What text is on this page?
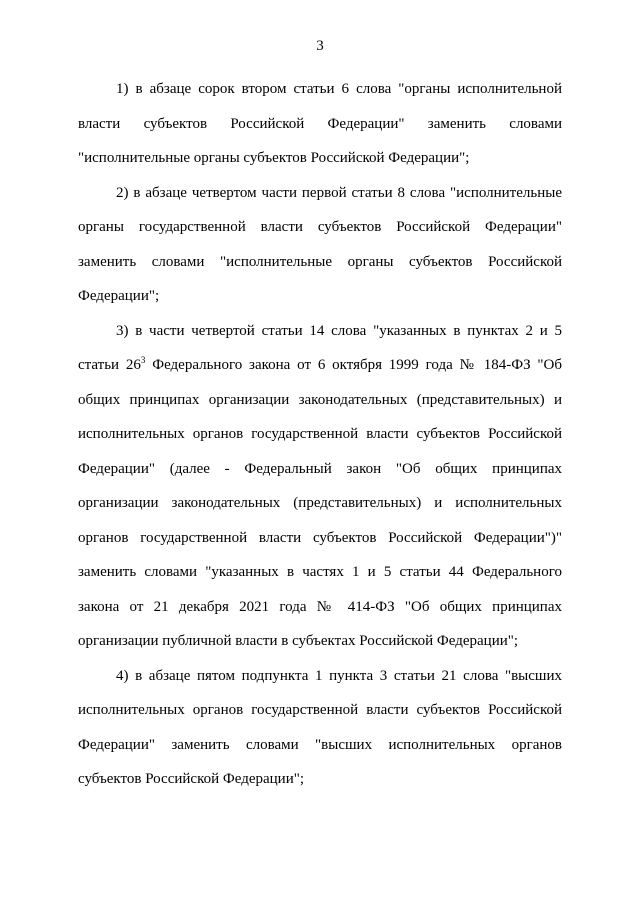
3

1) в абзаце сорок втором статьи 6 слова "органы исполнительной власти субъектов Российской Федерации" заменить словами "исполнительные органы субъектов Российской Федерации";

2) в абзаце четвертом части первой статьи 8 слова "исполнительные органы государственной власти субъектов Российской Федерации" заменить словами "исполнительные органы субъектов Российской Федерации";

3) в части четвертой статьи 14 слова "указанных в пунктах 2 и 5 статьи $26^3$ Федерального закона от 6 октября 1999 года № 184-ФЗ "Об общих принципах организации законодательных (представительных) и исполнительных органов государственной власти субъектов Российской Федерации" (далее - Федеральный закон "Об общих принципах организации законодательных (представительных) и исполнительных органов государственной власти субъектов Российской Федерации")" заменить словами "указанных в частях 1 и 5 статьи 44 Федерального закона от 21 декабря 2021 года № 414-ФЗ "Об общих принципах организации публичной власти в субъектах Российской Федерации";

4) в абзаце пятом подпункта 1 пункта 3 статьи 21 слова "высших исполнительных органов государственной власти субъектов Российской Федерации" заменить словами "высших исполнительных органов субъектов Российской Федерации";
